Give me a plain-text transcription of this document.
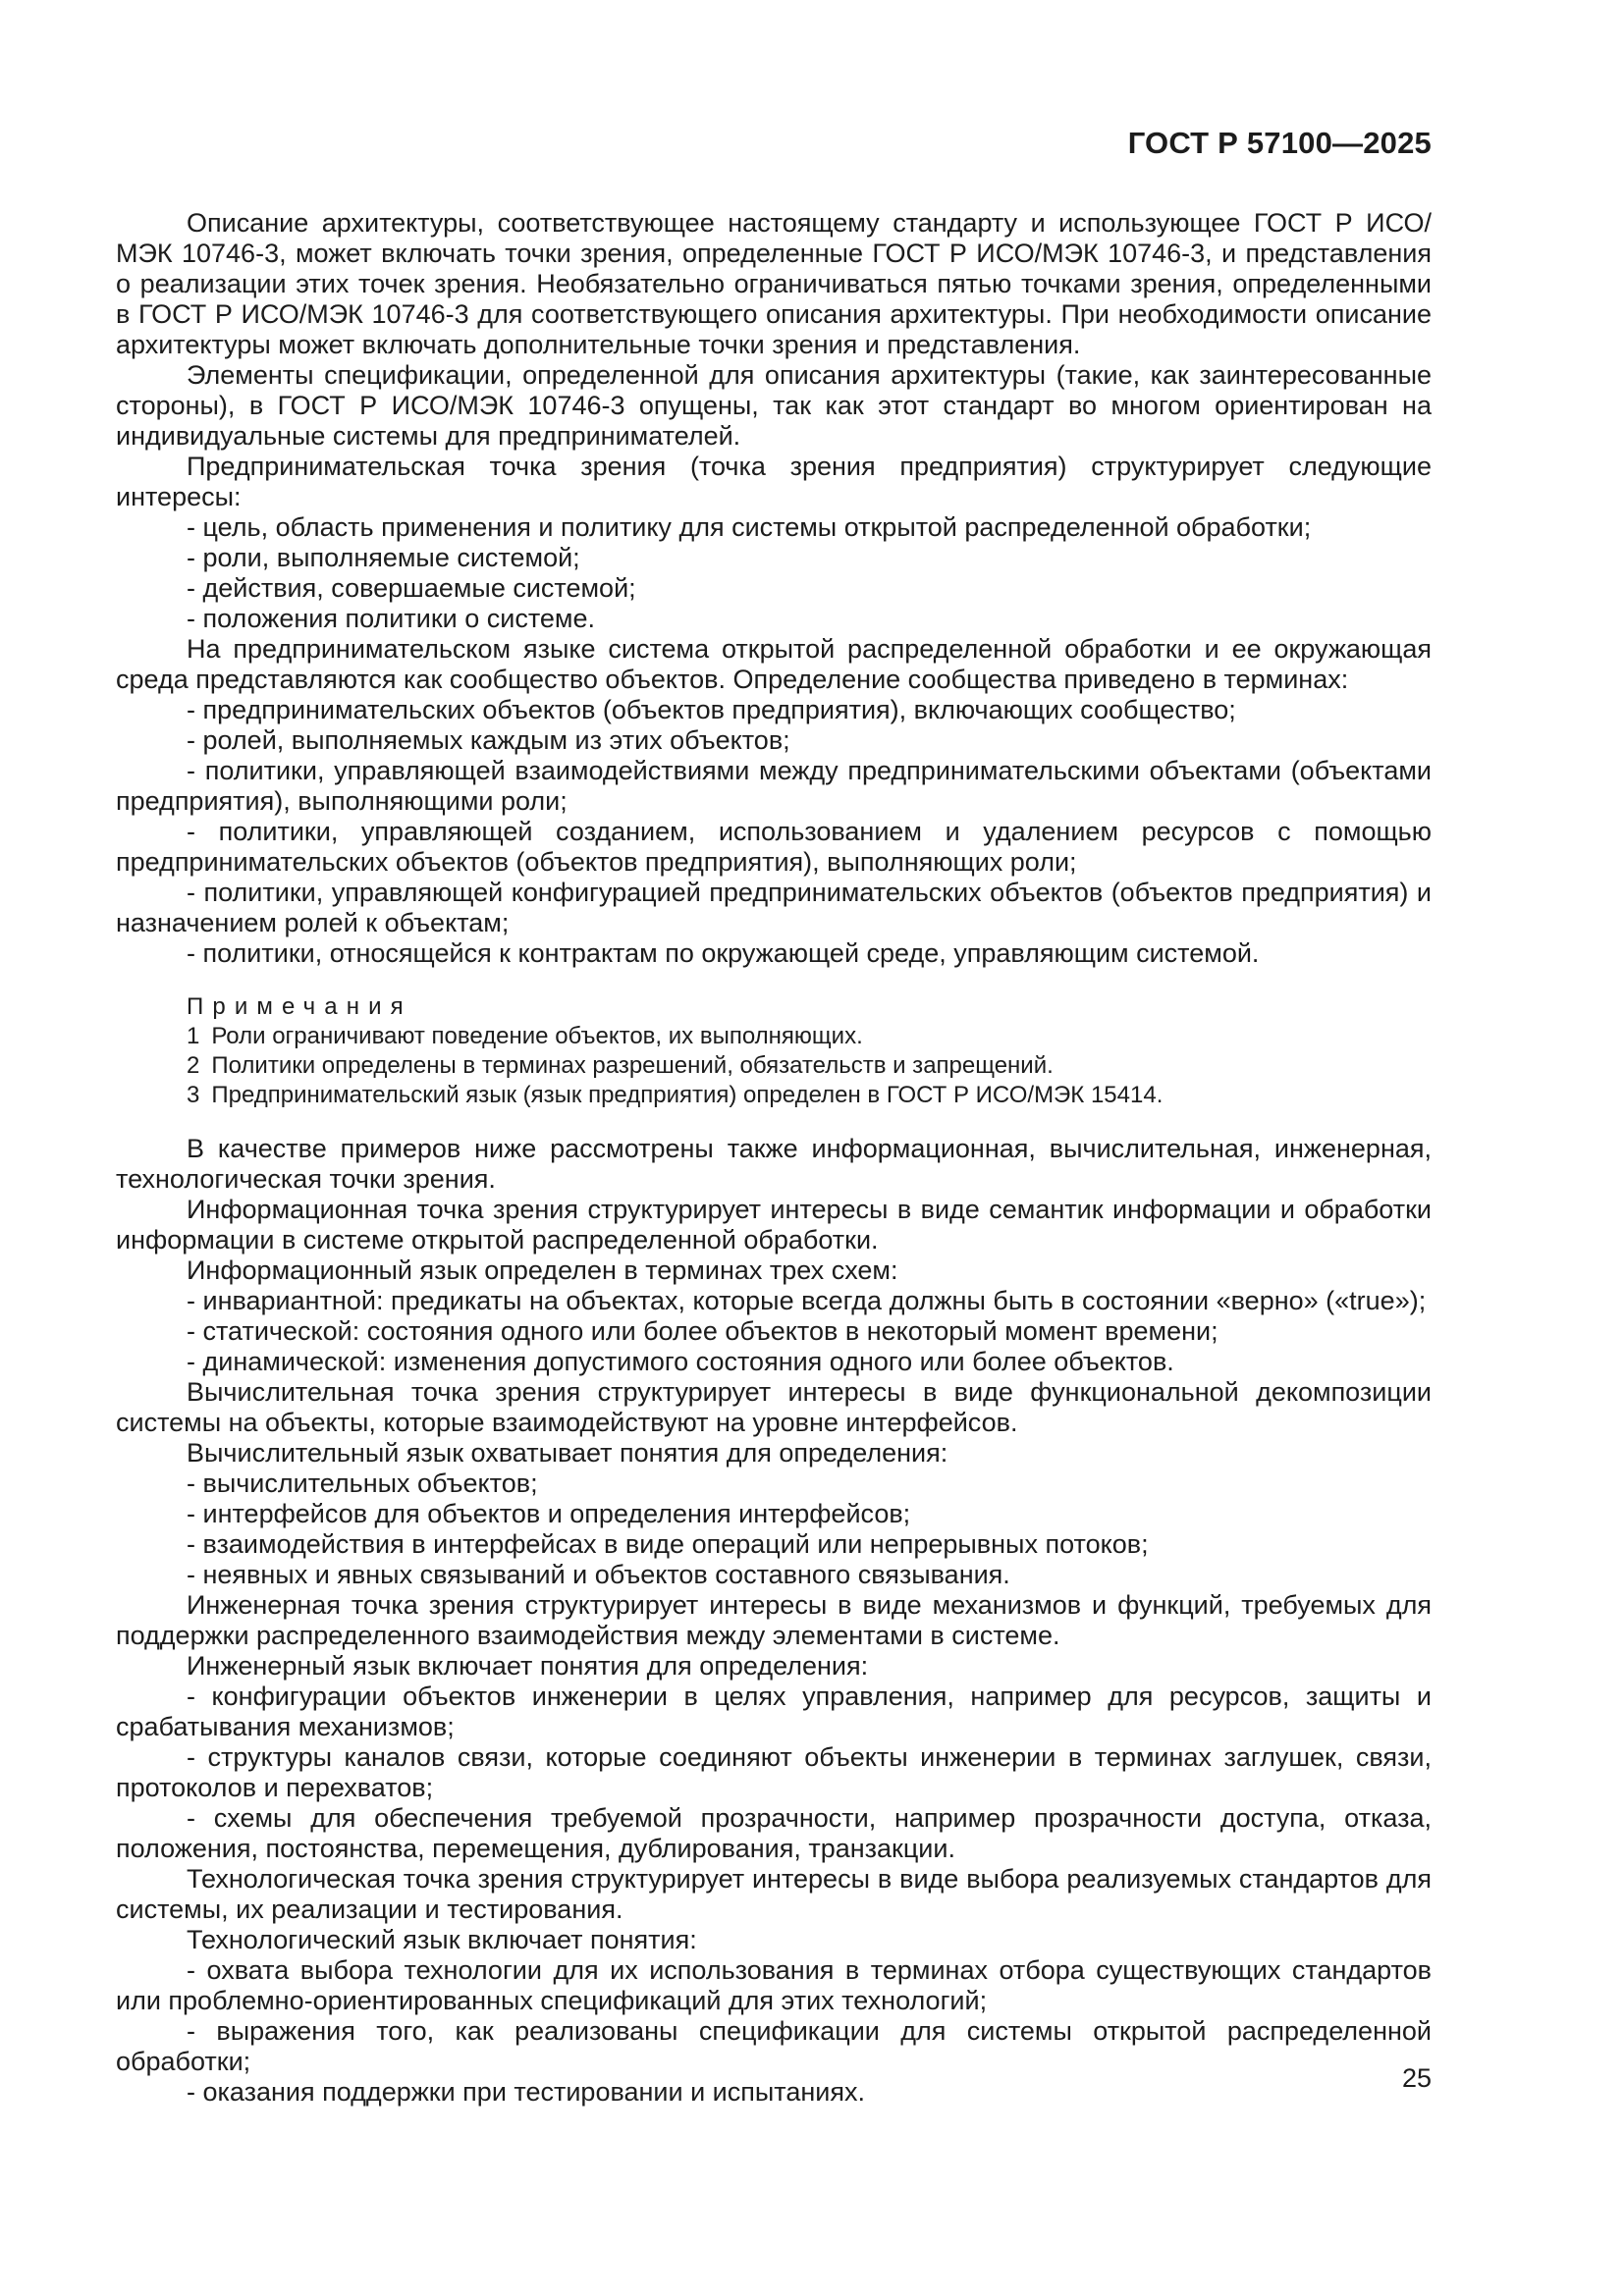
ГОСТ Р 57100—2025

Описание архитектуры, соответствующее настоящему стандарту и использующее ГОСТ Р ИСО/МЭК 10746-3, может включать точки зрения, определенные ГОСТ Р ИСО/МЭК 10746-3, и представления о реализации этих точек зрения. Необязательно ограничиваться пятью точками зрения, определенными в ГОСТ Р ИСО/МЭК 10746-3 для соответствующего описания архитектуры. При необходимости описание архитектуры может включать дополнительные точки зрения и представления.

Элементы спецификации, определенной для описания архитектуры (такие, как заинтересованные стороны), в ГОСТ Р ИСО/МЭК 10746-3 опущены, так как этот стандарт во многом ориентирован на индивидуальные системы для предпринимателей.

Предпринимательская точка зрения (точка зрения предприятия) структурирует следующие интересы:

- цель, область применения и политику для системы открытой распределенной обработки;

- роли, выполняемые системой;

- действия, совершаемые системой;

- положения политики о системе.

На предпринимательском языке система открытой распределенной обработки и ее окружающая среда представляются как сообщество объектов. Определение сообщества приведено в терминах:

- предпринимательских объектов (объектов предприятия), включающих сообщество;

- ролей, выполняемых каждым из этих объектов;

- политики, управляющей взаимодействиями между предпринимательскими объектами (объектами предприятия), выполняющими роли;

- политики, управляющей созданием, использованием и удалением ресурсов с помощью предпринимательских объектов (объектов предприятия), выполняющих роли;

- политики, управляющей конфигурацией предпринимательских объектов (объектов предприятия) и назначением ролей к объектам;

- политики, относящейся к контрактам по окружающей среде, управляющим системой.

Примечания

1 Роли ограничивают поведение объектов, их выполняющих.

2 Политики определены в терминах разрешений, обязательств и запрещений.

3 Предпринимательский язык (язык предприятия) определен в ГОСТ Р ИСО/МЭК 15414.

В качестве примеров ниже рассмотрены также информационная, вычислительная, инженерная, технологическая точки зрения.

Информационная точка зрения структурирует интересы в виде семантик информации и обработки информации в системе открытой распределенной обработки.

Информационный язык определен в терминах трех схем:

- инвариантной: предикаты на объектах, которые всегда должны быть в состоянии «верно» («true»);

- статической: состояния одного или более объектов в некоторый момент времени;

- динамической: изменения допустимого состояния одного или более объектов.

Вычислительная точка зрения структурирует интересы в виде функциональной декомпозиции системы на объекты, которые взаимодействуют на уровне интерфейсов.

Вычислительный язык охватывает понятия для определения:

- вычислительных объектов;

- интерфейсов для объектов и определения интерфейсов;

- взаимодействия в интерфейсах в виде операций или непрерывных потоков;

- неявных и явных связываний и объектов составного связывания.

Инженерная точка зрения структурирует интересы в виде механизмов и функций, требуемых для поддержки распределенного взаимодействия между элементами в системе.

Инженерный язык включает понятия для определения:

- конфигурации объектов инженерии в целях управления, например для ресурсов, защиты и срабатывания механизмов;

- структуры каналов связи, которые соединяют объекты инженерии в терминах заглушек, связи, протоколов и перехватов;

- схемы для обеспечения требуемой прозрачности, например прозрачности доступа, отказа, положения, постоянства, перемещения, дублирования, транзакции.

Технологическая точка зрения структурирует интересы в виде выбора реализуемых стандартов для системы, их реализации и тестирования.

Технологический язык включает понятия:

- охвата выбора технологии для их использования в терминах отбора существующих стандартов или проблемно-ориентированных спецификаций для этих технологий;

- выражения того, как реализованы спецификации для системы открытой распределенной обработки;

- оказания поддержки при тестировании и испытаниях.	25
